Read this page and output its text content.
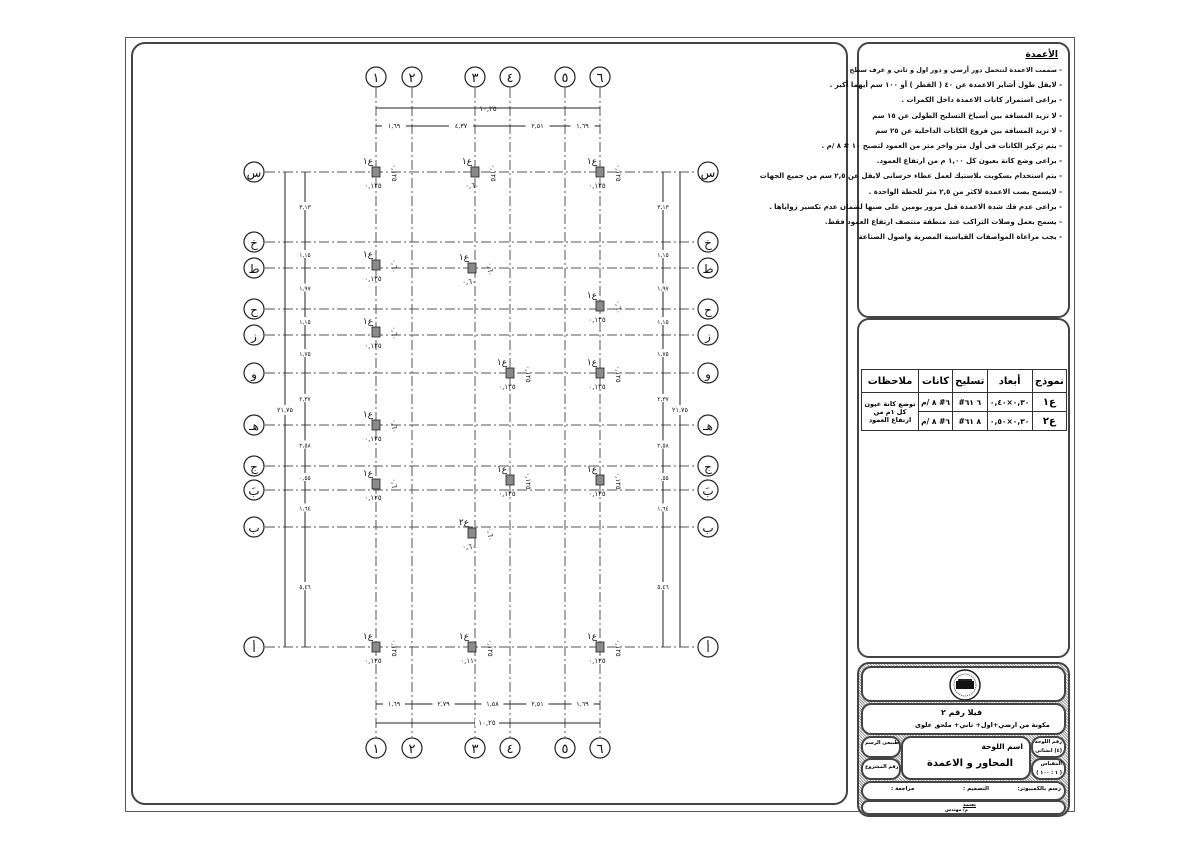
١
١
٢
٢
٣
٣
٤
٤
٥
٥
٦
٦
س	س
خ	خ
ط	ط
ح	ح
ز	ز
و	و
هـ	هـ
ج	ج
بَ	بَ
ب	ب
أ	أ
١٠,٢٥
١,٦٩	٤,٣٧	٢,٥١	١,٦٩
١,٦٩	٢,٧٩	١,٥٨	٢,٥١	١,٦٩
١٠,٢٥
٢١,٧٥
٣,١٣
١,١٥
١,٩٧
١,١٥
١,٧٥
٢,٣٧
٢,٥٨
٠,٥٥
١,٦٤
٥,٤٦
٢١,٧٥
٣,١٣
١,١٥
١,٩٧
١,١٥
١,٧٥
٢,٣٧
٢,٥٨
٠,٥٥
١,٦٤
٥,٤٦
ع١
٠,١٢٥
٠,١٢٥
ع١
٠,٦٠
٠,١٢٥
ع١
٠,١٢٥
٠,١٢٥
ع١
٠,١٢٥
٠,٦٠
ع١
٠,٦٠
٠,٦٠
ع١
٠,١٢٥
٠,٦٠
ع١
٠,١٢٥
٠,٦٠
ع١
٠,١٢٥
٠,١٢٥
ع١
٠,١٢٥
٠,١٢٥
ع١
٠,١٢٥
٠,٦٠
ع١
٠,١٢٥
٠,٦٠
ع١
٠,١٢٥
٠,١٢٥
ع١
٠,١٢٥
٠,١٢٥
ع٢
٠,٦٠
٠,٦٠
ع١
٠,١٢٥
٠,١٢٥
ع١
٠,١١٠
٠,١٢٥
ع١
٠,١٢٥
٠,١٢٥
الأعمدة
- صممت الاعمدة لتتحمل دور أرضي و دور اول و ثاني و غرف سطح
- لايقل طول أشاير الاعمدة عن ٤٠ ( القطر ) أو ١٠٠ سم أيهما أكبر .
- يراعى استمرار كانات الاعمدة داخل الكمرات .
- لا تزيد المسافة بين أسياخ التسليح الطولى عن ١٥ سم
- لا تزيد المسافة بين فروع الكانات الداخلية عن ٢٥ سم
- يتم تركيز الكانات فى أول متر واخر متر من العمود لتصبح ١٠ # ٨ /م .
- يراعى وضع كانة بعيون كل ١,٠٠ م من ارتفاع العمود.
- يتم استخدام بسكويت بلاستيك لعمل غطاء خرسانى لايقل عن ٢,٥ سم من جميع الجهات
- لايسمح بصب الاعمدة لاكثر من ٢,٥ متر للحطة الواحدة .
- يراعى عدم فك شدة الاعمدة قبل مرور يومين على صبها لضمان عدم تكسير زواياها .
- يسمح بعمل وصلات التراكب عند منطقة منتصف ارتفاع العمود فقط.
- يجب مراعاة المواصفات القياسية المصرية واصول الصناعة
نموذج	أبعاد	تسليح	كانات	ملاحظات
ع١	٠,٣٠×٠,٤٠	٦ ٦١#	٦# ٨ /م	توضع كانة عيون كل ١م من ارتفاع العمود
ع٢	٠,٣٠×٠,٥٠	٨ ٦١#	٦# ٨ /م	
فيلا رقم ٢
مكونة من ارضي+اول+ ثاني+ ملحق علوى
طبيعى الرسم
رقم المشروع
اسم اللوحة
المحاور و الاعمدة
رقم اللوحة
(٤) انشائى
المقياس
( ١ : ١٠٠ )
مراجعة :	التصميم :	رسم بالكمبيوتر:
يعتمد
م/ مهندس
